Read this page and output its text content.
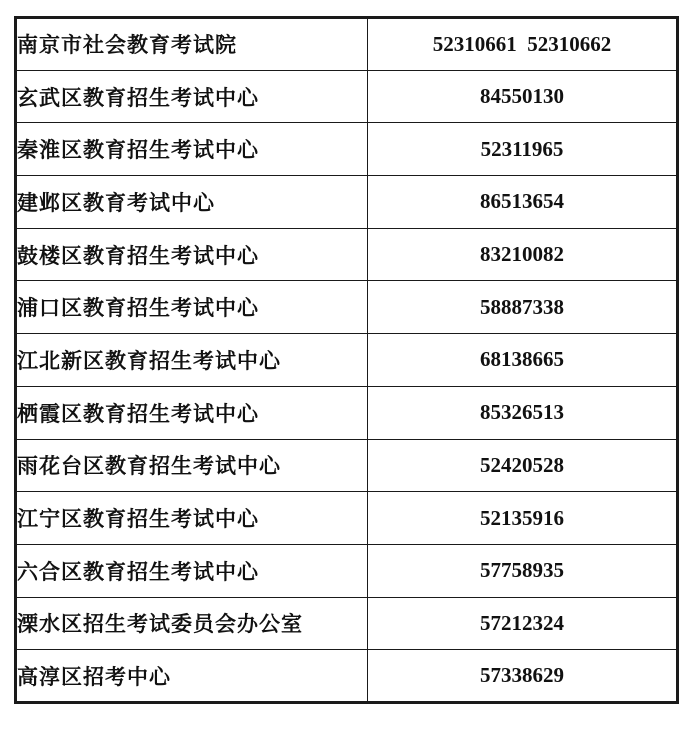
南京市社会教育考试院	52310661  52310662
玄武区教育招生考试中心	84550130
秦淮区教育招生考试中心	52311965
建邺区教育考试中心	86513654
鼓楼区教育招生考试中心	83210082
浦口区教育招生考试中心	58887338
江北新区教育招生考试中心	68138665
栖霞区教育招生考试中心	85326513
雨花台区教育招生考试中心	52420528
江宁区教育招生考试中心	52135916
六合区教育招生考试中心	57758935
溧水区招生考试委员会办公室	57212324
高淳区招考中心	57338629
